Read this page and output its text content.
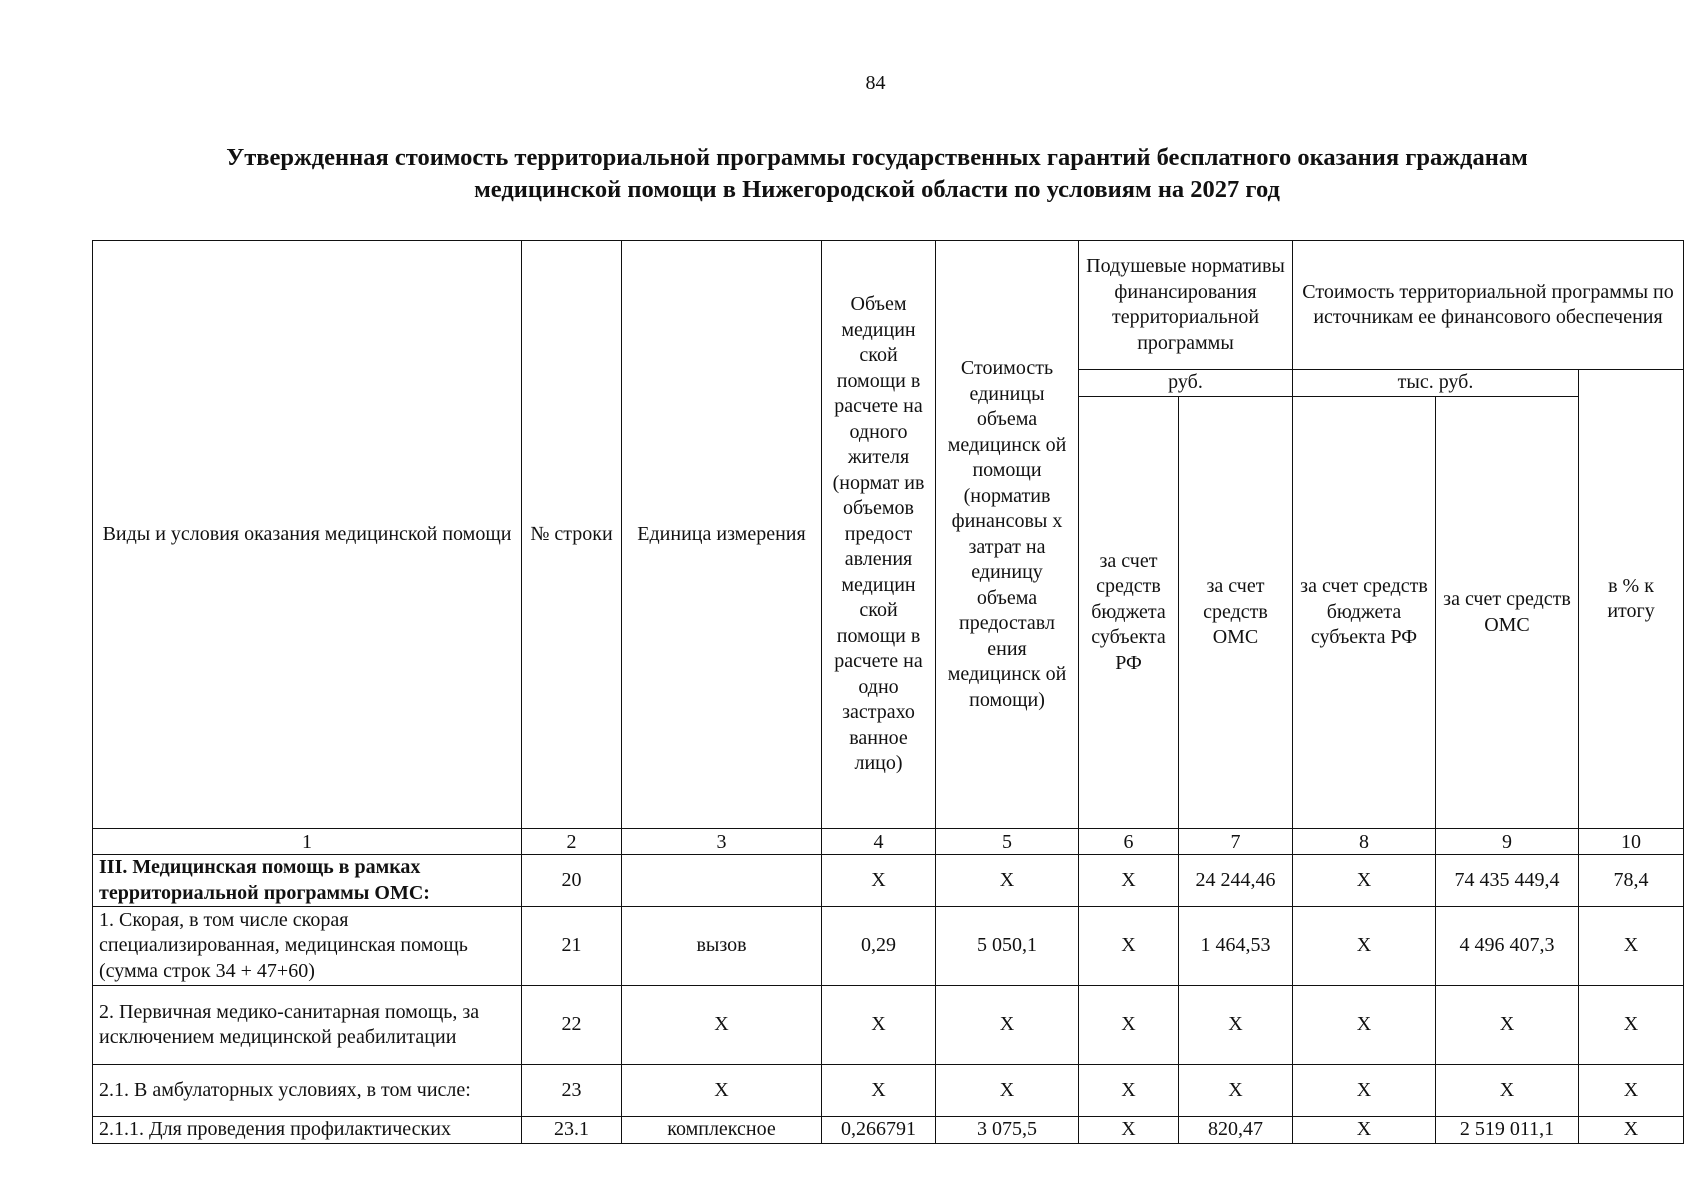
84
Утвержденная стоимость территориальной программы государственных гарантий бесплатного оказания гражданам
медицинской помощи в Нижегородской области по условиям на 2027 год
Виды и условия оказания медицинской помощи	№ строки	Единица измерения	Объем медицин ской помощи в расчете на одного жителя (нормат ив объемов предост авления медицин ской помощи в расчете на одно застрахо ванное лицо)	Стоимость единицы объема медицинск ой помощи (норматив финансовы х затрат на единицу объема предоставл ения медицинск ой помощи)	Подушевые нормативы финансирования территориальной программы		Стоимость территориальной программы по источникам ее финансового обеспечения		
					руб.		тыс. руб.		в % к итогу
					за счет средств бюджета субъекта РФ	за счет средств ОМС	за счет средств бюджета субъекта РФ	за счет средств ОМС	
1	2	3	4	5	6	7	8	9	10
III. Медицинская помощь в рамках территориальной программы ОМС:	20		X	X	X	24 244,46	X	74 435 449,4	78,4
1. Скорая, в том числе скорая специализированная, медицинская помощь (сумма строк 34 + 47+60)	21	вызов	0,29	5 050,1	X	1 464,53	X	4 496 407,3	X
2. Первичная медико-санитарная помощь, за исключением медицинской реабилитации	22	X	X	X	X	X	X	X	X
2.1. В амбулаторных условиях, в том числе:	23	X	X	X	X	X	X	X	X
2.1.1. Для проведения профилактических	23.1	комплексное	0,266791	3 075,5	X	820,47	X	2 519 011,1	X
